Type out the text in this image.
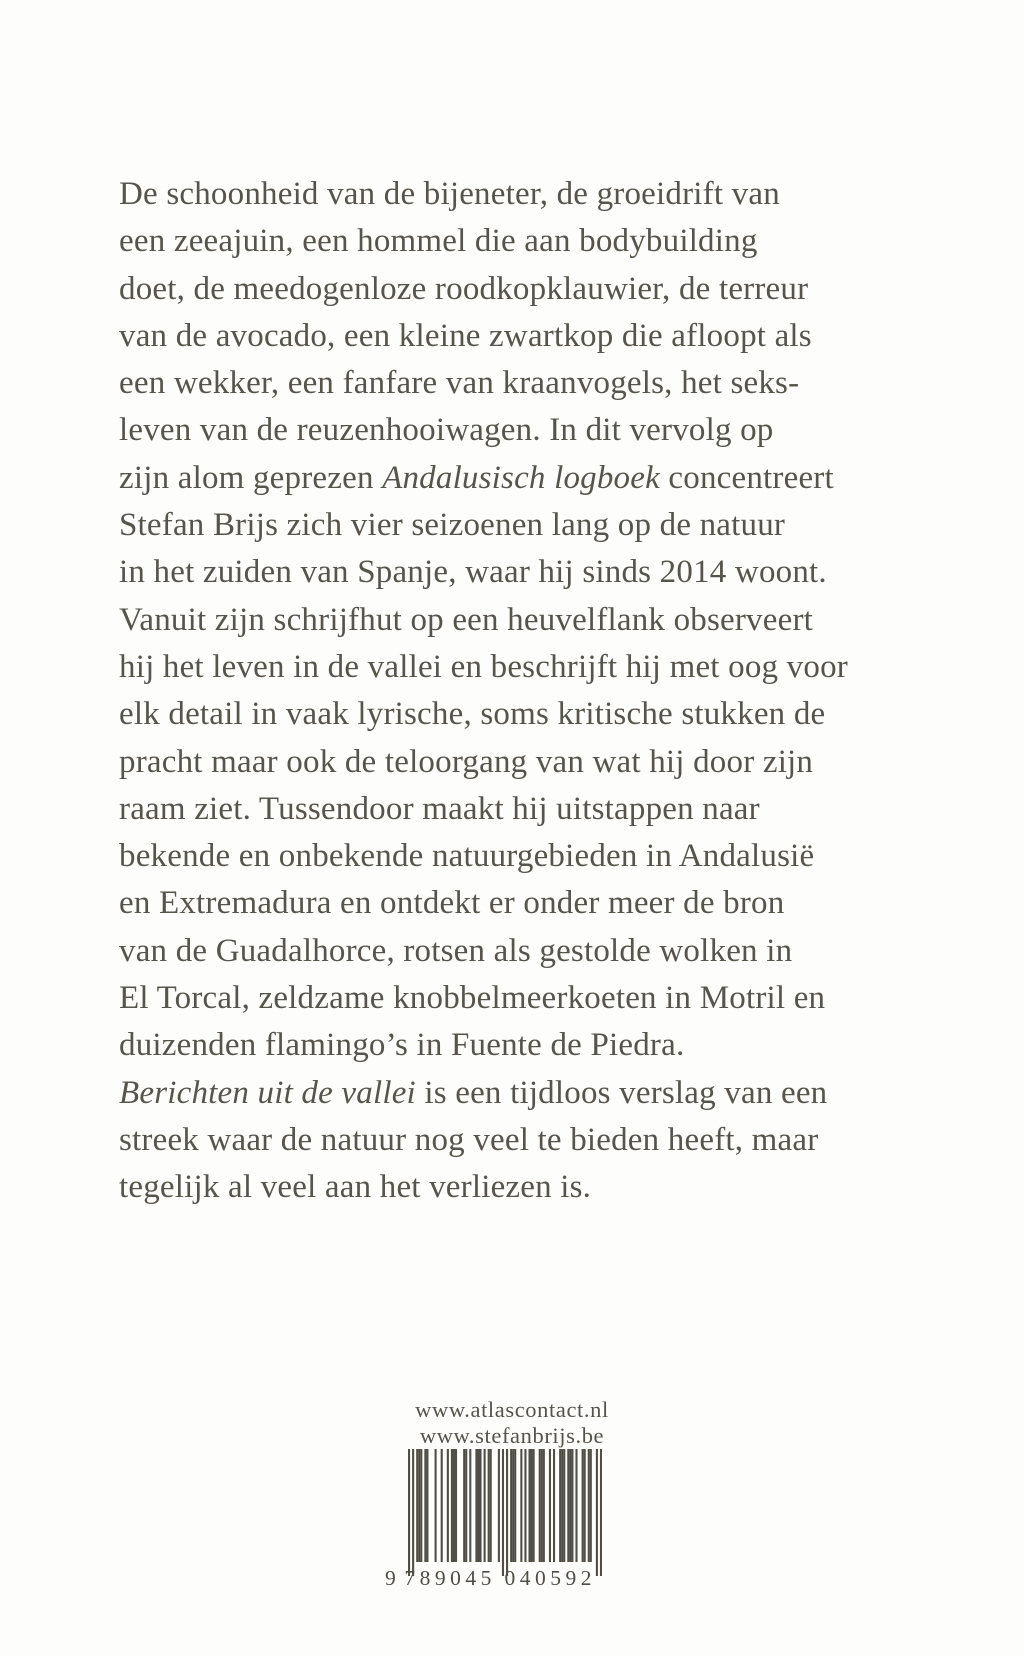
De schoonheid van de bijeneter, de groeidrift van
een zeeajuin, een hommel die aan bodybuilding
doet, de meedogenloze roodkopklauwier, de terreur
van de avocado, een kleine zwartkop die afloopt als
een wekker, een fanfare van kraanvogels, het seks-
leven van de reuzenhooiwagen. In dit vervolg op
zijn alom geprezen Andalusisch logboek concentreert
Stefan Brijs zich vier seizoenen lang op de natuur
in het zuiden van Spanje, waar hij sinds 2014 woont.
Vanuit zijn schrijfhut op een heuvelflank observeert
hij het leven in de vallei en beschrijft hij met oog voor
elk detail in vaak lyrische, soms kritische stukken de
pracht maar ook de teloorgang van wat hij door zijn
raam ziet. Tussendoor maakt hij uitstappen naar
bekende en onbekende natuurgebieden in Andalusië
en Extremadura en ontdekt er onder meer de bron
van de Guadalhorce, rotsen als gestolde wolken in
El Torcal, zeldzame knobbelmeerkoeten in Motril en
duizenden flamingo’s in Fuente de Piedra.
Berichten uit de vallei is een tijdloos verslag van een
streek waar de natuur nog veel te bieden heeft, maar
tegelijk al veel aan het verliezen is.
www.atlascontact.nl
www.stefanbrijs.be
9 789045 040592
